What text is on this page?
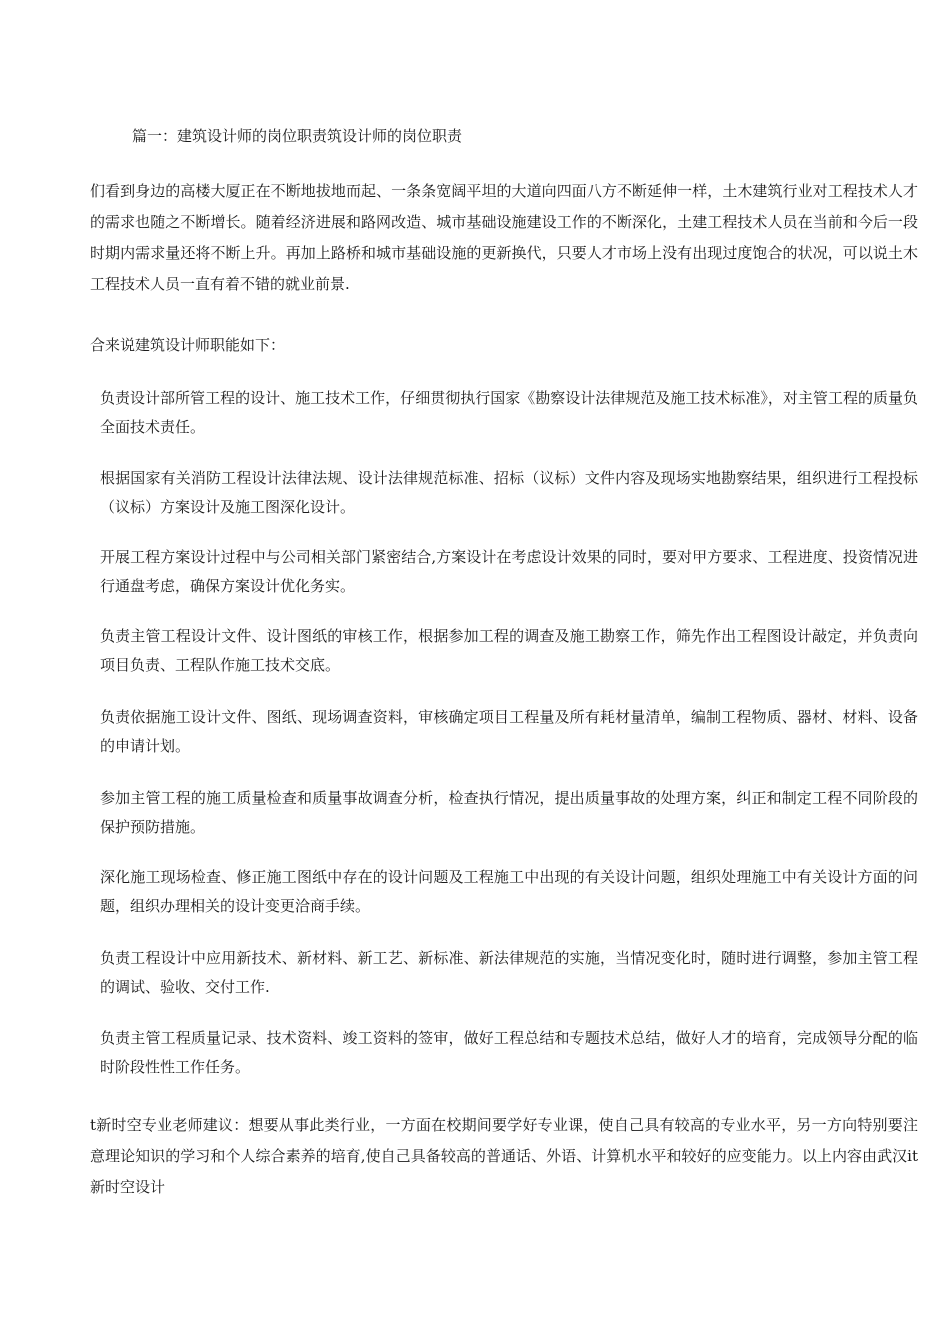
篇一：建筑设计师的岗位职责筑设计师的岗位职责

们看到身边的高楼大厦正在不断地拔地而起、一条条宽阔平坦的大道向四面八方不断延伸一样，土木建筑行业对工程技术人才的需求也随之不断增长。随着经济进展和路网改造、城市基础设施建设工作的不断深化，土建工程技术人员在当前和今后一段时期内需求量还将不断上升。再加上路桥和城市基础设施的更新换代，只要人才市场上没有出现过度饱合的状况，可以说土木工程技术人员一直有着不错的就业前景.

合来说建筑设计师职能如下：

负责设计部所管工程的设计、施工技术工作，仔细贯彻执行国家《勘察设计法律规范及施工技术标准》，对主管工程的质量负全面技术责任。

根据国家有关消防工程设计法律法规、设计法律规范标准、招标（议标）文件内容及现场实地勘察结果，组织进行工程投标（议标）方案设计及施工图深化设计。

开展工程方案设计过程中与公司相关部门紧密结合,方案设计在考虑设计效果的同时，要对甲方要求、工程进度、投资情况进行通盘考虑，确保方案设计优化务实。

负责主管工程设计文件、设计图纸的审核工作，根据参加工程的调查及施工勘察工作，筛先作出工程图设计敲定，并负责向项目负责、工程队作施工技术交底。

负责依据施工设计文件、图纸、现场调查资料，审核确定项目工程量及所有耗材量清单，编制工程物质、器材、材料、设备的申请计划。

参加主管工程的施工质量检查和质量事故调查分析，检查执行情况，提出质量事故的处理方案，纠正和制定工程不同阶段的保护预防措施。

深化施工现场检查、修正施工图纸中存在的设计问题及工程施工中出现的有关设计问题，组织处理施工中有关设计方面的问题，组织办理相关的设计变更洽商手续。

负责工程设计中应用新技术、新材料、新工艺、新标准、新法律规范的实施，当情况变化时，随时进行调整，参加主管工程的调试、验收、交付工作.

负责主管工程质量记录、技术资料、竣工资料的签审，做好工程总结和专题技术总结，做好人才的培育，完成领导分配的临时阶段性性工作任务。

t新时空专业老师建议：想要从事此类行业，一方面在校期间要学好专业课，使自己具有较高的专业水平，另一方向特别要注意理论知识的学习和个人综合素养的培育,使自己具备较高的普通话、外语、计算机水平和较好的应变能力。以上内容由武汉it新时空设计
